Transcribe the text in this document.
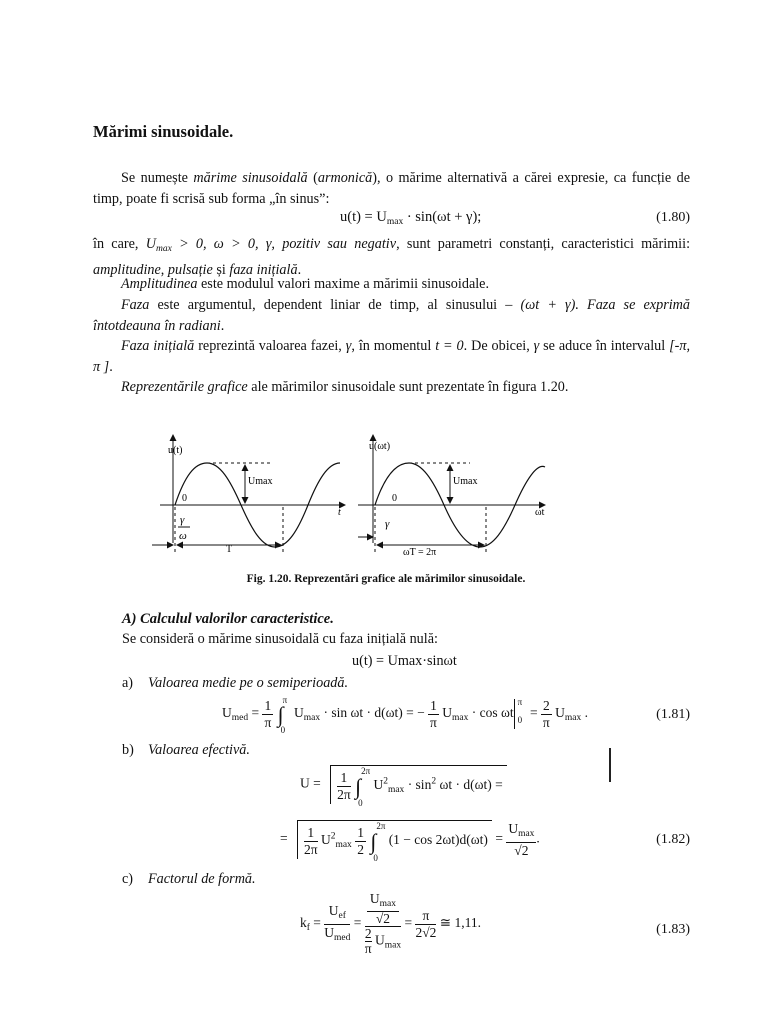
Mărimi sinusoidale.
Se numește mărime sinusoidală (armonică), o mărime alternativă a cărei expresie, ca funcție de timp, poate fi scrisă sub forma „în sinus”:
$u(t) = U_{max} \cdot \sin(\omega t + \gamma)$;	(1.80)
în care, $U_{max} > 0$, ω > 0, γ, pozitiv sau negativ, sunt parametri constanți, caracteristici mărimii: amplitudine, pulsație și faza inițială.
Amplitudinea este modulul valori maxime a mărimii sinusoidale.
Faza este argumentul, dependent liniar de timp, al sinusului – (ωt + γ). Faza se exprimă întotdeauna în radiani.
Faza inițială reprezintă valoarea fazei, γ, în momentul t = 0. De obicei, γ se aduce în intervalul [-π, π ].
Reprezentările grafice ale mărimilor sinusoidale sunt prezentate în figura 1.20.
Umax
u(t)
0
t
T
γ
ω
Umax
u(ωt)
0
ωt
ωT = 2π
γ
Fig. 1.20. Reprezentări grafice ale mărimilor sinusoidale.
A) Calculul valorilor caracteristice.
Se consideră o mărime sinusoidală cu faza inițială nulă:
u(t) = Umax·sinωt
a) Valoarea medie pe o semiperioadă.
$U_{med} = \frac{1}{\pi}$
π
∫
0
$U_{max} \cdot \sin \omega t \cdot d(\omega t)$ = − $\frac{1}{\pi} U_{max} \cdot \cos \omega t$
π
$0 = \frac{2}{\pi} U_{max}$ .	(1.81)
b) Valoarea efectivă.
$U = \frac{1}{2\pi}$
2π
∫
0
$U^2_{max} \cdot \sin^2 \omega t \cdot d(\omega t)$ =
= $\frac{1}{2\pi} U^2_{max} \frac{1}{2}$
2π
∫
0
$(1 - \cos 2\omega t)d(\omega t) = \frac{U_{max}}{√2}$ .	(1.82)
c) Factorul de formă.
$k_f = \frac{U_{ef}}{U_{med}} = U_{max}$
√2
$\frac{2}{\pi} U_{max} = \frac{\pi}{2√2}$ ≅ 1,11.	(1.83)
